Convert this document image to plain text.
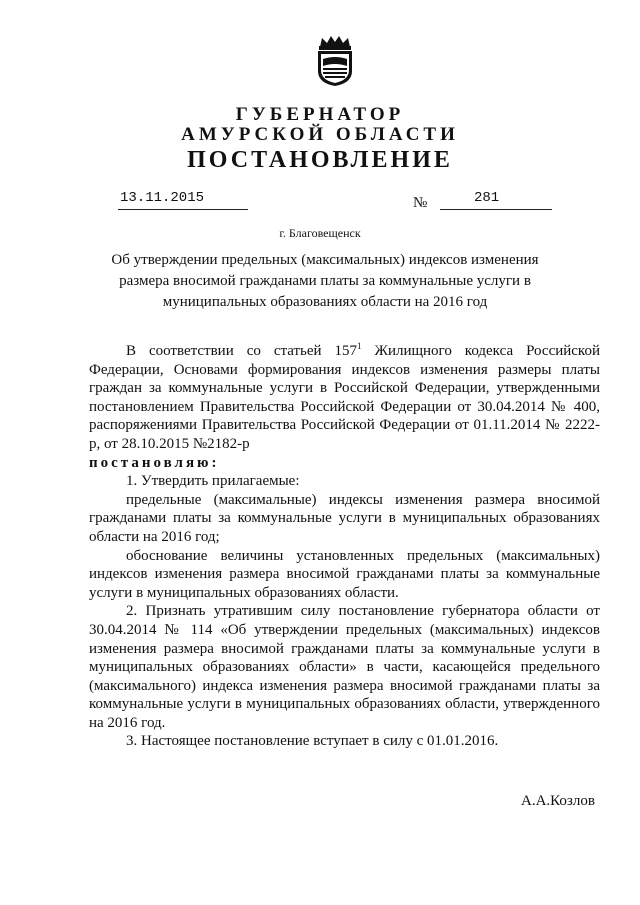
ГУБЕРНАТОР
АМУРСКОЙ ОБЛАСТИ
ПОСТАНОВЛЕНИЕ
13.11.2015	№	281
г. Благовещенск
Об утверждении предельных (максимальных) индексов изменения размера вносимой гражданами платы за коммунальные услуги в муниципальных образованиях области на 2016 год

В соответствии со статьей $157^1$ Жилищного кодекса Российской Федерации, Основами формирования индексов изменения размеры платы граждан за коммунальные услуги в Российской Федерации, утвержденными постановлением Правительства Российской Федерации от 30.04.2014 № 400, распоряжениями Правительства Российской Федерации от 01.11.2014 № 2222-р, от 28.10.2015 №2182-р

постановляю:

1. Утвердить прилагаемые:

предельные (максимальные) индексы изменения размера вносимой гражданами платы за коммунальные услуги в муниципальных образованиях области на 2016 год;

обоснование величины установленных предельных (максимальных) индексов изменения размера вносимой гражданами платы за коммунальные услуги в муниципальных образованиях области.

2. Признать утратившим силу постановление губернатора области от 30.04.2014 № 114 «Об утверждении предельных (максимальных) индексов изменения размера вносимой гражданами платы за коммунальные услуги в муниципальных образованиях области» в части, касающейся предельного (максимального) индекса изменения размера вносимой гражданами платы за коммунальные услуги в муниципальных образованиях области, утвержденного на 2016 год.

3. Настоящее постановление вступает в силу с 01.01.2016.

А.А.Козлов
